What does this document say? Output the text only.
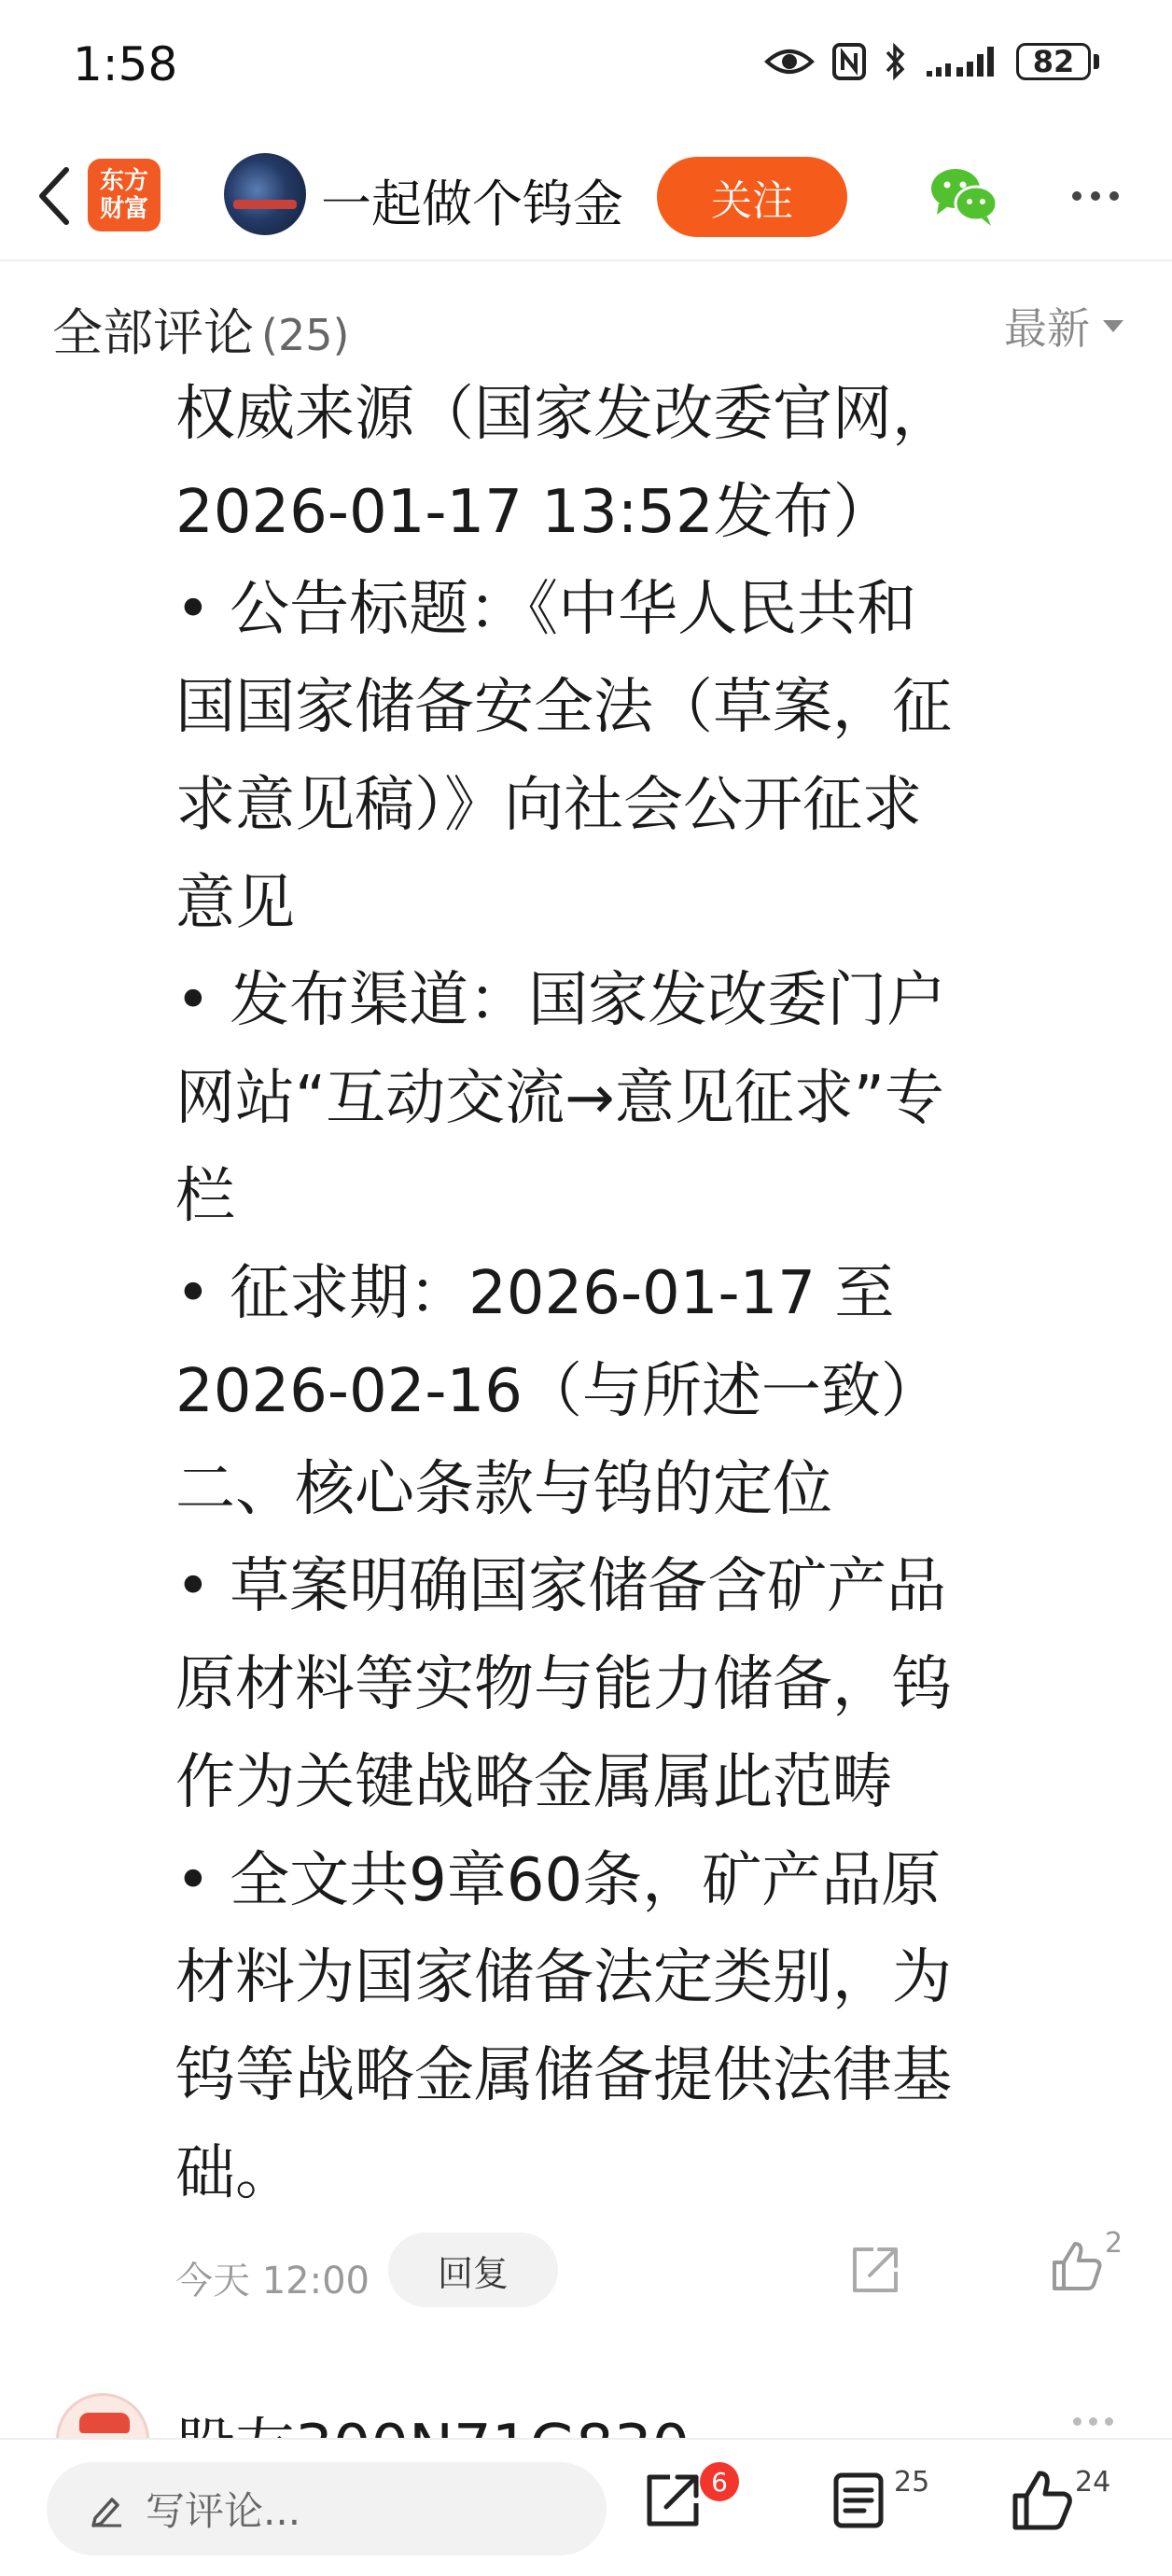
1:58	82
东方
财富	一起做个钨金	关注
全部评论 (25)	最新
权威来源（国家发改委官网，
2026-01-17 13:52发布）
• 公告标题：《中华人民共和
国国家储备安全法（草案，征
求意见稿）》向社会公开征求
意见
• 发布渠道：国家发改委门户
网站“互动交流→意见征求”专
栏
• 征求期：2026-01-17 至
2026-02-16（与所述一致）
二、核心条款与钨的定位
• 草案明确国家储备含矿产品
原材料等实物与能力储备，钨
作为关键战略金属属此范畴
• 全文共9章60条，矿产品原
材料为国家储备法定类别，为
钨等战略金属储备提供法律基
础。
今天 12:00	回复
2
写评论...
6	25	24
